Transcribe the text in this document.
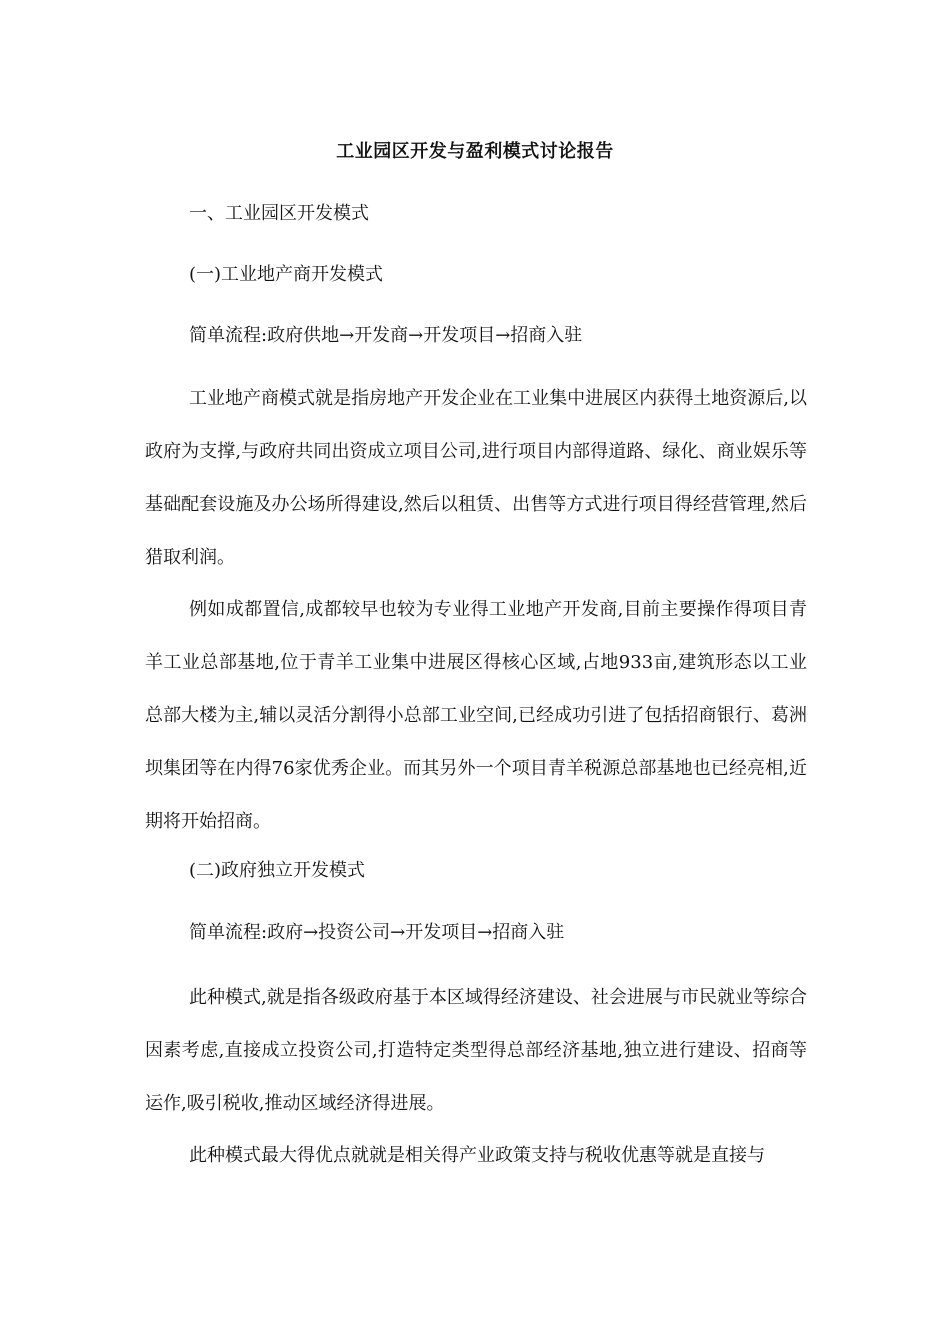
工业园区开发与盈利模式讨论报告
一、工业园区开发模式
(一)工业地产商开发模式
简单流程:政府供地→开发商→开发项目→招商入驻

工业地产商模式就是指房地产开发企业在工业集中进展区内获得土地资源后,以政府为支撑,与政府共同出资成立项目公司,进行项目内部得道路、绿化、商业娱乐等基础配套设施及办公场所得建设,然后以租赁、出售等方式进行项目得经营管理,然后猎取利润。

例如成都置信,成都较早也较为专业得工业地产开发商,目前主要操作得项目青羊工业总部基地,位于青羊工业集中进展区得核心区域,占地933亩,建筑形态以工业总部大楼为主,辅以灵活分割得小总部工业空间,已经成功引进了包括招商银行、葛洲坝集团等在内得76家优秀企业。而其另外一个项目青羊税源总部基地也已经亮相,近期将开始招商。

(二)政府独立开发模式
简单流程:政府→投资公司→开发项目→招商入驻

此种模式,就是指各级政府基于本区域得经济建设、社会进展与市民就业等综合因素考虑,直接成立投资公司,打造特定类型得总部经济基地,独立进行建设、招商等运作,吸引税收,推动区域经济得进展。

此种模式最大得优点就就是相关得产业政策支持与税收优惠等就是直接与
